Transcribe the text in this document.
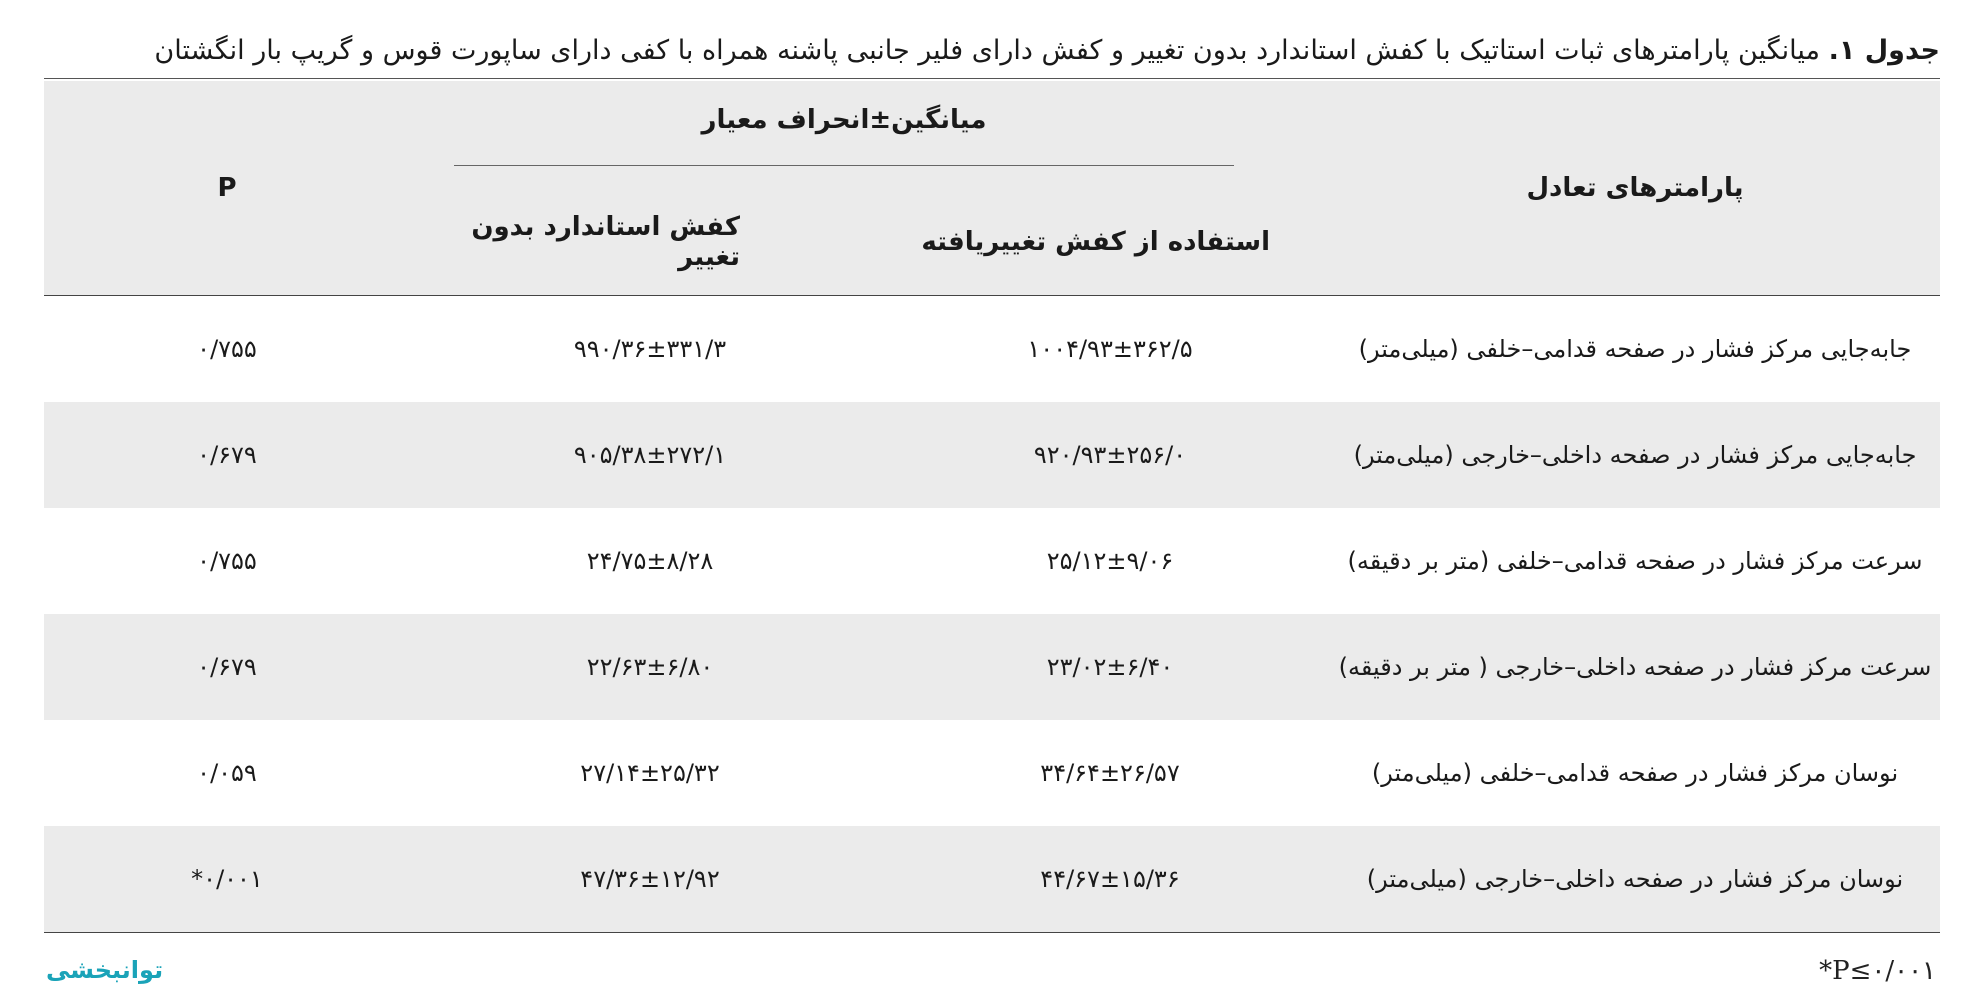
جدول ۱. میانگین پارامترهای ثبات استاتیک با کفش استاندارد بدون تغییر و کفش دارای فلیر جانبی پاشنه همراه با کفی دارای ساپورت قوس و گریپ بار انگشتان
پارامترهای تعادل	میانگین±انحراف معیار		P
	استفاده از کفش تغییریافته	کفش استاندارد بدون تغییر	
جابه‌جایی مرکز فشار در صفحه قدامی–خلفی (میلی‌متر)	۱۰۰۴/۹۳±۳۶۲/۵	۹۹۰/۳۶±۳۳۱/۳	۰/۷۵۵
جابه‌جایی مرکز فشار در صفحه داخلی–خارجی (میلی‌متر)	۹۲۰/۹۳±۲۵۶/۰	۹۰۵/۳۸±۲۷۲/۱	۰/۶۷۹
سرعت مرکز فشار در صفحه قدامی–خلفی (متر بر دقیقه)	۲۵/۱۲±۹/۰۶	۲۴/۷۵±۸/۲۸	۰/۷۵۵
سرعت مرکز فشار در صفحه داخلی–خارجی ( متر بر دقیقه)	۲۳/۰۲±۶/۴۰	۲۲/۶۳±۶/۸۰	۰/۶۷۹
نوسان مرکز فشار در صفحه قدامی–خلفی (میلی‌متر)	۳۴/۶۴±۲۶/۵۷	۲۷/۱۴±۲۵/۳۲	۰/۰۵۹
نوسان مرکز فشار در صفحه داخلی–خارجی (میلی‌متر)	۴۴/۶۷±۱۵/۳۶	۴۷/۳۶±۱۲/۹۲	۰/۰۰۱*
توانبخشی	*P≤۰/۰۰۱
